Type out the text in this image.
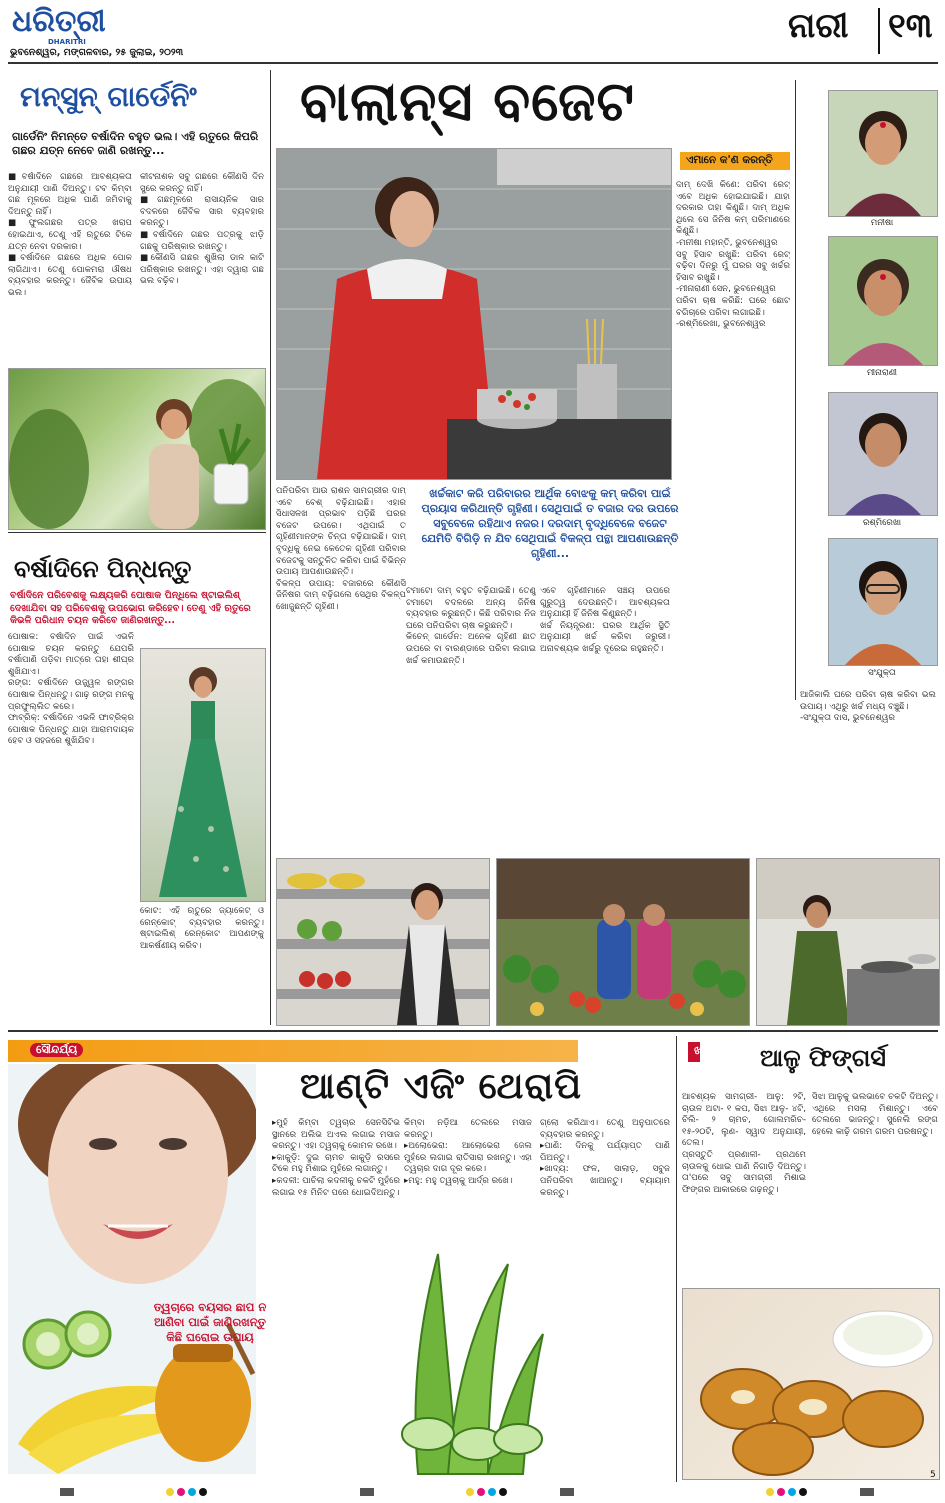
ଧରିତ୍ରୀ
DHARITRI
ଭୁବନେଶ୍ୱର, ମଙ୍ଗଳବାର, ୨୫ ଜୁଲାଇ, ୨୦୨୩
ନାରୀ ୧୩
ମନ୍‌ସୁନ୍ ଗାର୍ଡେନିଂ
ଗାର୍ଡେନିଂ ନିମନ୍ତେ ବର୍ଷାଦିନ ବହୁତ ଭଲ। ଏହି ଋତୁରେ କିପରି ଗଛର ଯତ୍ନ ନେବେ ଜାଣି ରଖନ୍ତୁ...
■ବର୍ଷାଦିନେ ଗଛରେ ଆବଶ୍ୟକତା ଅନୁଯାୟୀ ପାଣି ଦିଅନ୍ତୁ। ଟବ କିମ୍ବା ଗଛ ମୂଳରେ ଅଧିକ ପାଣି ଜମିବାକୁ ଦିଅନ୍ତୁ ନାହିଁ।
■ଫୁଲଗଛର ପତ୍ର ଖରାପ ହୋଇଥାଏ, ତେଣୁ ଏହି ଋତୁରେ ଟିକେ ଯତ୍ନ ନେବା ଦରକାର।
■ବର୍ଷାଦିନେ ଗଛରେ ଅଧିକ ପୋକ ଲାଗିଥାଏ। ତେଣୁ ପୋକମରା ଔଷଧ ବ୍ୟବହାର କରନ୍ତୁ। ଜୈବିକ ଉପାୟ ଭଲ।
କୀଟନାଶକ ସବୁ ଗଛରେ କୌଣସି ଦିନ ସ୍ପ୍ରେ କରନ୍ତୁ ନାହିଁ।
■ଗଛମୂଳରେ ରାସାୟନିକ ସାର ବଦଳରେ ଜୈବିକ ସାର ବ୍ୟବହାର କରନ୍ତୁ।
■ବର୍ଷାଦିନେ ଗଛର ପତ୍ରକୁ ଝାଡ଼ି ଗଛକୁ ପରିଷ୍କାର ରଖନ୍ତୁ।
■କୌଣସି ଗଛର ଶୁଖିଲା ଡାଳ କାଟି ପରିଷ୍କାର ରଖନ୍ତୁ। ଏହା ଦ୍ୱାରା ଗଛ ଭଲ ବଢ଼ିବ।
ବର୍ଷାଦିନେ ପିନ୍ଧନ୍ତୁ
ବର୍ଷାଦିନେ ପରିବେଶକୁ ଲକ୍ଷ୍ୟକରି ପୋଷାକ ପିନ୍ଧିଲେ ଷ୍ଟାଇଲିଶ୍ ଦେଖାଯିବା ସହ ପରିବେଶକୁ ଉପଭୋଗ କରିହେବ। ତେଣୁ ଏହି ଋତୁରେ କିଭଳି ପରିଧାନ ଚୟନ କରିବେ ଜାଣିରଖନ୍ତୁ...
ପୋଷାକ: ବର୍ଷାଦିନ ପାଇଁ ଏଭଳି ପୋଷାକ ଚୟନ କରନ୍ତୁ ଯେପରି ବର୍ଷାପାଣି ପଡ଼ିବା ମାତ୍ରେ ତାହା ଶୀଘ୍ର ଶୁଖିଯାଏ।
ରଙ୍ଗ: ବର୍ଷାଦିନେ ଉଜ୍ଜ୍ୱଳ ରଙ୍ଗର ପୋଷାକ ପିନ୍ଧନ୍ତୁ। ଗାଢ଼ ରଙ୍ଗ ମନକୁ ପ୍ରଫୁଲ୍ଲିତ କରେ।
ଫାବ୍ରିକ୍: ବର୍ଷାଦିନେ ଏଭଳି ଫାବ୍ରିକ୍ର ପୋଷାକ ପିନ୍ଧନ୍ତୁ ଯାହା ଆରାମଦାୟକ ହେବ ଓ ସହଜରେ ଶୁଖିଯିବ।
କୋଟ: ଏହି ଋତୁରେ ଜ୍ୟାକେଟ୍ ଓ ରେନ୍‌କୋଟ୍ ବ୍ୟବହାର କରନ୍ତୁ। ଷ୍ଟାଇଲିଶ୍ ରେନ୍‌କୋଟ ଆପଣଙ୍କୁ ଆକର୍ଷଣୀୟ କରିବ।
ବାଲାନ୍ସ ବଜେଟ
ଏମାନେ କ'ଣ କରନ୍ତି
ଦାମ୍ ଦେଖି କିଣେ: ପରିବା ରେଟ୍ ଏବେ ଅଧିକ ହୋଇଯାଇଛି। ଯାହା ଦରକାର ତାହା କିଣୁଛି। ଦାମ୍ ଅଧିକ ଥିଲେ ସେ ଜିନିଷ କମ୍ ପରିମାଣରେ କିଣୁଛି।
-ମନୀଷା ମହାନ୍ତି, ଭୁବନେଶ୍ୱର
ସବୁ ହିସାବ ରଖୁଛି: ପରିବା ରେଟ୍ ବଢ଼ିବା ଦିନରୁ ମୁଁ ଘରର ସବୁ ଖର୍ଚ୍ଚର ହିସାବ ରଖୁଛି।
-ମୀନାରାଣୀ ସେନ, ଭୁବନେଶ୍ୱର
ପରିବା ଚାଷ କରିଛି: ଘରେ ଛୋଟ ବଗିଚାରେ ପରିବା ଲଗାଇଛି।
-ରଶ୍ମିରେଖା, ଭୁବନେଶ୍ୱର
ଖର୍ଚ୍ଚକାଟ କରି ପରିବାରର ଆର୍ଥିକ ବୋଝକୁ କମ୍ କରିବା ପାଇଁ ପ୍ରୟାସ କରିଥାନ୍ତି ଗୃହିଣୀ। ସେଥିପାଇଁ ତ ବଜାର ଦର ଉପରେ ସବୁବେଳେ ରହିଥାଏ ନଜର। ଦରଦାମ୍ ବୃଦ୍ଧିବେଳେ ବଜେଟ ଯେମିତି ବିଗିଡ଼ି ନ ଯିବ ସେଥିପାଇଁ ବିକଳ୍ପ ପନ୍ଥା ଆପଣାଉଛନ୍ତି ଗୃହିଣୀ...
ପନିପରିବା ଆଉ ରାଶନ ସାମଗ୍ରୀର ଦାମ୍ ଏବେ ବେଶ୍ ବଢ଼ିଯାଇଛି। ଏହାର ସିଧାସଳଖ ପ୍ରଭାବ ପଡ଼ିଛି ଘରର ବଜେଟ ଉପରେ। ଏଥିପାଇଁ ତ ଗୃହିଣୀମାନଙ୍କ ଚିନ୍ତା ବଢ଼ିଯାଇଛି। ଦାମ୍ ବୃଦ୍ଧିକୁ ନେଇ କେତେକ ଗୃହିଣୀ ପରିବାର ବଜେଟକୁ ସନ୍ତୁଳିତ କରିବା ପାଇଁ ବିଭିନ୍ନ ଉପାୟ ଆପଣାଉଛନ୍ତି।
ବିକଳ୍ପ ଉପାୟ: ବଜାରରେ କୌଣସି ଜିନିଷର ଦାମ୍ ବଢ଼ିଗଲେ ସେଥିର ବିକଳ୍ପ ଖୋଜୁଛନ୍ତି ଗୃହିଣୀ।
ଟମାଟୋ ଦାମ୍ ବହୁତ ବଢ଼ିଯାଇଛି। ତେଣୁ ଟମାଟୋ ବଦଳରେ ଅନ୍ୟ ଜିନିଷ ବ୍ୟବହାର କରୁଛନ୍ତି। କିଛି ପରିବାର ନିଜ ଘରେ ପନିପରିବା ଚାଷ କରୁଛନ୍ତି।
କିଚେନ୍ ଗାର୍ଡେନ: ଅନେକ ଗୃହିଣୀ ଛାତ ଉପରେ ବା ବାରଣ୍ଡାରେ ପରିବା ଲଗାଇ ଖର୍ଚ୍ଚ କମାଉଛନ୍ତି।
ଏବେ ଗୃହିଣୀମାନେ ସଞ୍ଚୟ ଉପରେ ଗୁରୁତ୍ୱ ଦେଉଛନ୍ତି। ଆବଶ୍ୟକତା ଅନୁଯାୟୀ ହିଁ ଜିନିଷ କିଣୁଛନ୍ତି।
ଖର୍ଚ୍ଚ ନିୟନ୍ତ୍ରଣ: ଘରର ଆର୍ଥିକ ସ୍ଥିତି ଅନୁଯାୟୀ ଖର୍ଚ୍ଚ କରିବା ଜରୁରୀ। ଅନାବଶ୍ୟକ ଖର୍ଚ୍ଚରୁ ଦୂରେଇ ରହୁଛନ୍ତି।
ମନୀଷା
ମୀନାରାଣୀ
ରଶ୍ମିରେଖା
ସଂଯୁକ୍ତା
ଆଜିକାଲି ଘରେ ପରିବା ଚାଷ କରିବା ଭଲ ଉପାୟ। ଏଥିରୁ ଖର୍ଚ୍ଚ ମଧ୍ୟ ବଞ୍ଚୁଛି।
-ସଂଯୁକ୍ତା ଦାସ, ଭୁବନେଶ୍ୱର
ସୌନ୍ଦର୍ଯ୍ୟ
ତ୍ୱଚାରେ ବୟସର ଛାପ ନ ଆଣିବା ପାଇଁ ଜାଣିରଖନ୍ତୁ କିଛି ଘରୋଇ ଉପାୟ
ଆଣ୍ଟି ଏଜିଂ ଥେରାପି
▸ମୁହଁ କିମ୍ବା ତ୍ୱଚାର ସେନସିଟିଭ ସ୍ଥାନରେ ଅଲିଭ ଅଏଲ ଲଗାଇ ମସାଜ କରନ୍ତୁ। ଏହା ତ୍ୱଚାକୁ କୋମଳ ରଖେ।
▸କାକୁଡ଼ି: ଦୁଇ ଚାମଚ କାକୁଡ଼ି ରସରେ ଟିକେ ମହୁ ମିଶାଇ ମୁହଁରେ ଲଗାନ୍ତୁ।
▸କଦଳୀ: ପାଚିଲା କଦଳୀକୁ ଚକଟି ମୁହଁରେ ଲଗାଇ ୧୫ ମିନିଟ ପରେ ଧୋଇଦିଅନ୍ତୁ।
କିମ୍ବା ନଡ଼ିଆ ତେଲରେ ମସାଜ କରନ୍ତୁ।
▸ଅଲୋଭେରା: ଆଲୋଭେରା ଜେଲ ମୁହଁରେ ଲଗାଇ ରାତିସାରା ରଖନ୍ତୁ। ଏହା ତ୍ୱଚାର ଦାଗ ଦୂର କରେ।
▸ମହୁ: ମହୁ ତ୍ୱଚାକୁ ଆର୍ଦ୍ର ରଖେ।
ଗ୍ଲୋ କରିଥାଏ। ତେଣୁ ଅନୁପାତରେ ବ୍ୟବହାର କରନ୍ତୁ।
▸ପାଣି: ଦିନକୁ ପର୍ଯ୍ୟାପ୍ତ ପାଣି ପିଅନ୍ତୁ।
▸ଖାଦ୍ୟ: ଫଳ, ସାଲାଡ଼, ସବୁଜ ପନିପରିବା ଖାଆନ୍ତୁ। ବ୍ୟାୟାମ କରନ୍ତୁ।
ଖାଦ୍ୟରୁଚି ଆଳୁ ଫିଙ୍ଗର୍ସ
ଆବଶ୍ୟକ ସାମଗ୍ରୀ- ଆଳୁ: ୨ଟି, ଚାଉଳ ଅଟା- ୧ କପ, ସିଝା ଆଳୁ- ୪ଟି, ଚିଲି- ୨ ଚାମଚ, ଗୋଲମରିଚ- ୧୫-୨୦ଟି, ଲୁଣ- ସ୍ୱାଦ ଅନୁଯାୟୀ, ତେଲ।
ପ୍ରସ୍ତୁତି ପ୍ରଣାଳୀ- ପ୍ରଥମେ ଚାଉଳକୁ ଧୋଇ ପାଣି ନିଗାଡ଼ି ଦିଅନ୍ତୁ। ତା'ପରେ ସବୁ ସାମଗ୍ରୀ ମିଶାଇ ଫିଙ୍ଗର ଆକାରରେ ଗଢ଼ନ୍ତୁ।
ସିଝା ଆଳୁକୁ ଭଲଭାବେ ଚକଟି ଦିଅନ୍ତୁ। ଏଥିରେ ମସଲା ମିଶାନ୍ତୁ। ଏବେ ତେଲରେ ଭାଜନ୍ତୁ। ସୁନେଲି ରଙ୍ଗ ହେଲେ କାଢ଼ି ଗରମ ଗରମ ପରଷନ୍ତୁ।
5
